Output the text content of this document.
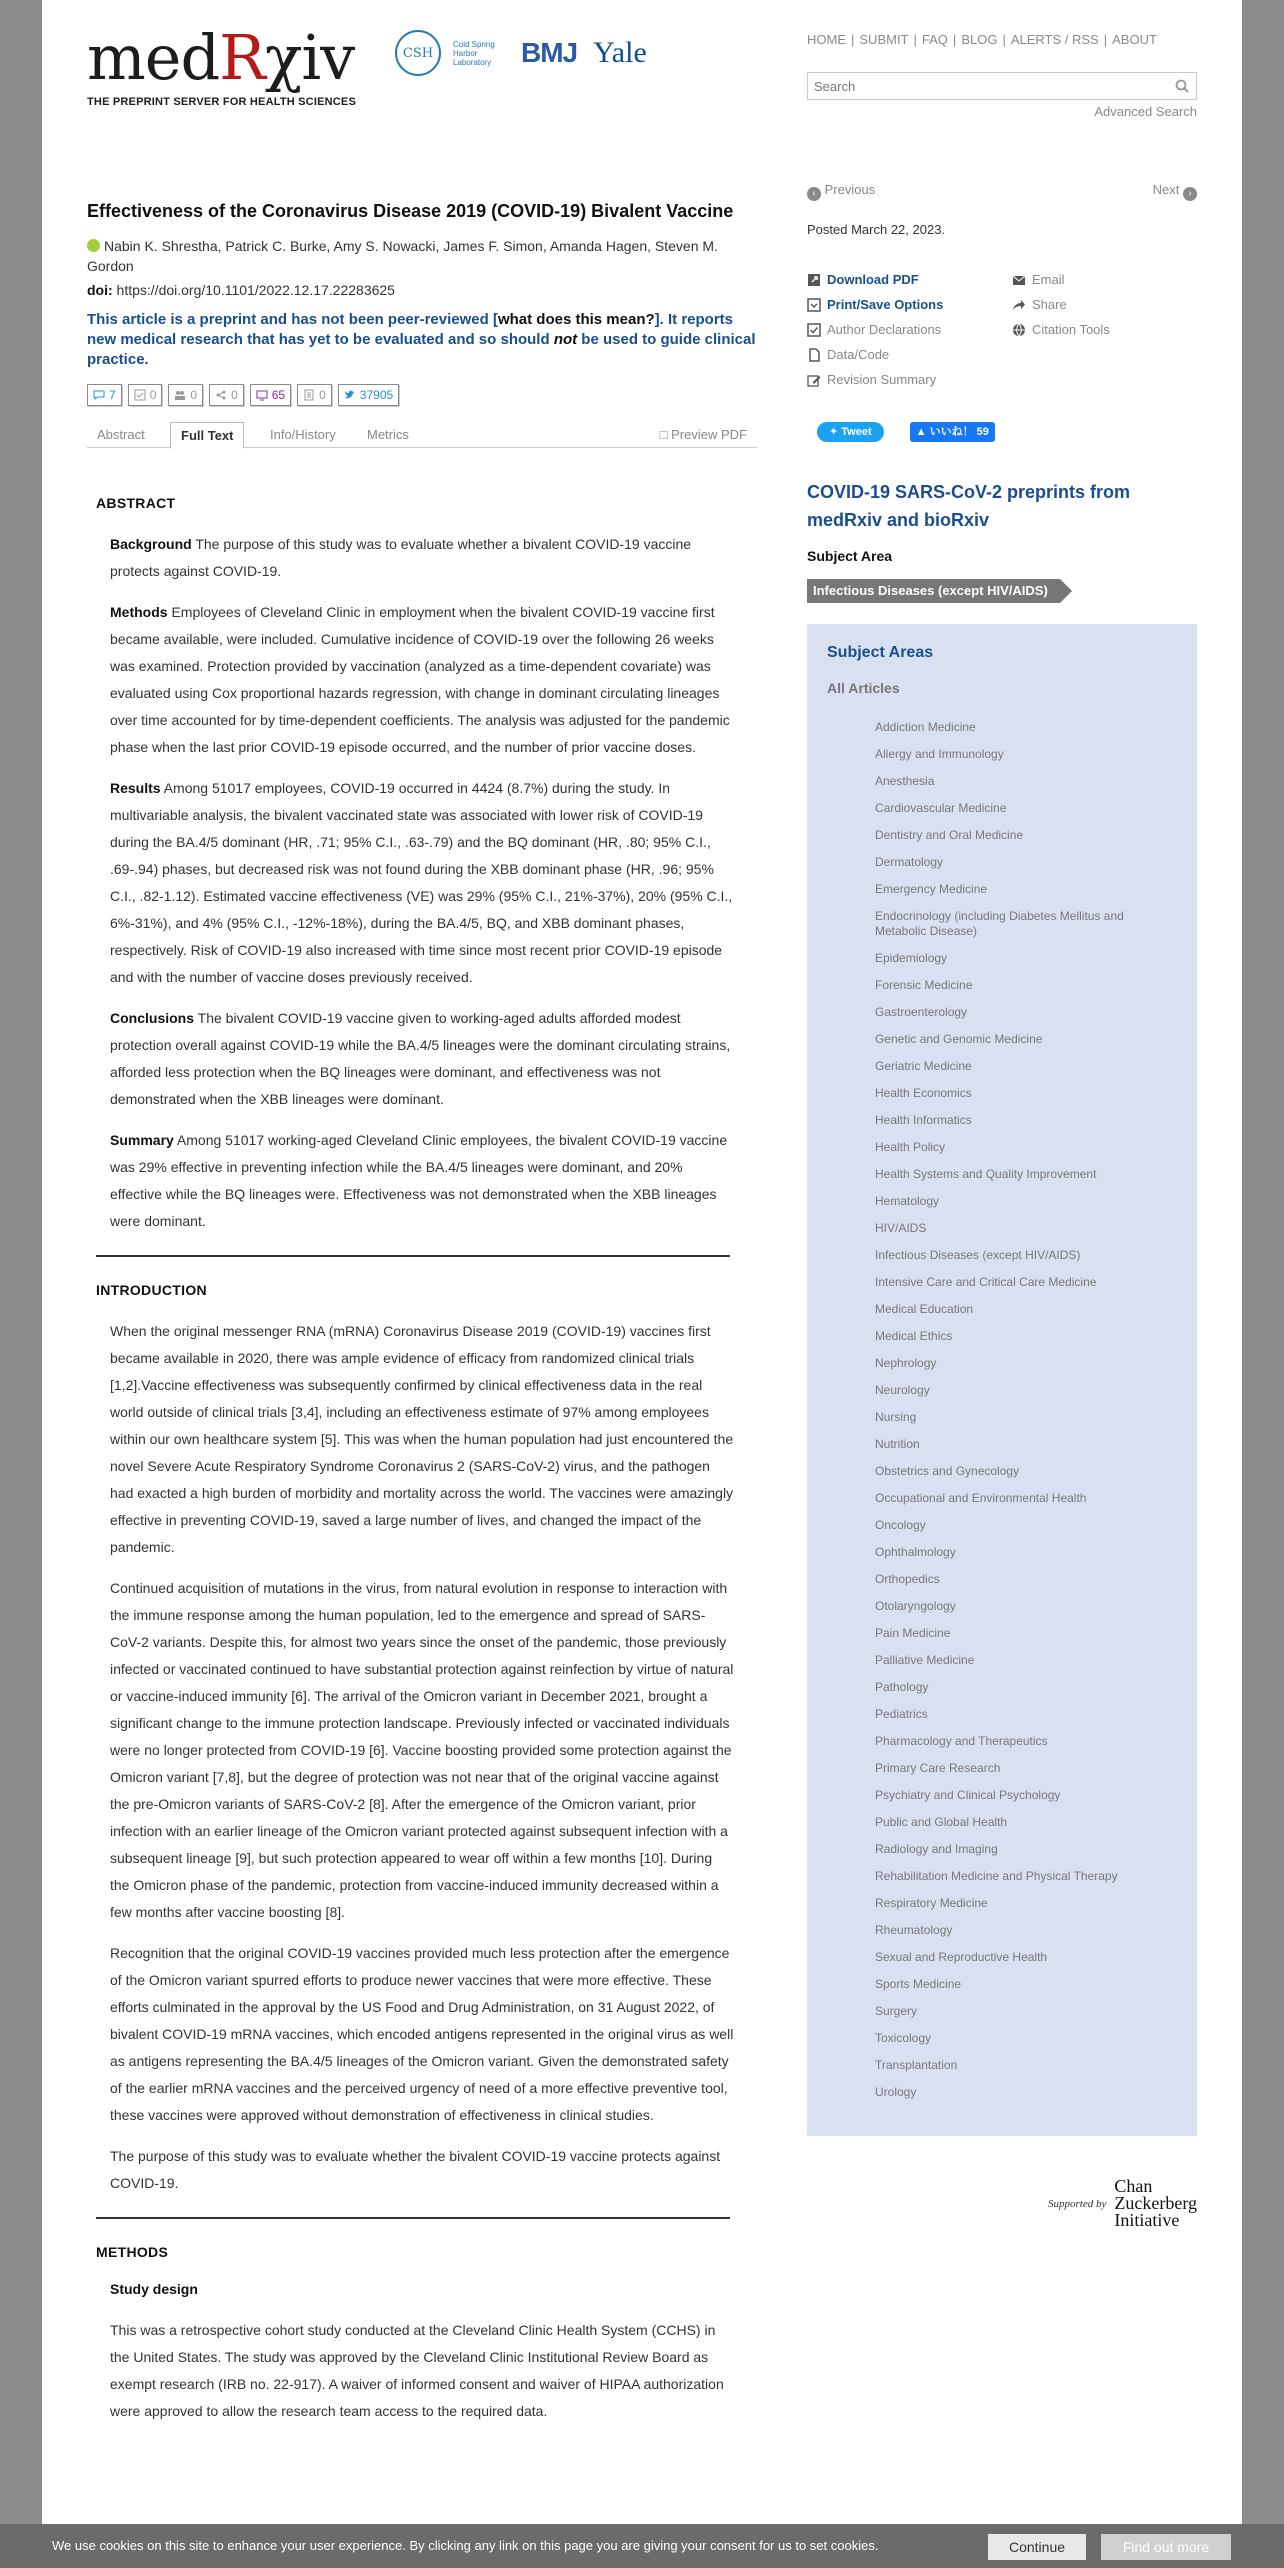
medRχiv
THE PREPRINT SERVER FOR HEALTH SCIENCES
CSH
Cold Spring Harbor Laboratory BMJ Yale
Effectiveness of the Coronavirus Disease 2019 (COVID-19) Bivalent Vaccine
Nabin K. Shrestha, Patrick C. Burke, Amy S. Nowacki, James F. Simon, Amanda Hagen, Steven M. Gordon
doi: https://doi.org/10.1101/2022.12.17.22283625
This article is a preprint and has not been peer-reviewed [what does this mean?]. It reports new medical research that has yet to be evaluated and so should not be used to guide clinical practice.
7	0	0	0	65	0	37905
Abstract	Full Text	Info/History	Metrics	□ Preview PDF
ABSTRACT

Background The purpose of this study was to evaluate whether a bivalent COVID-19 vaccine protects against COVID-19.

Methods Employees of Cleveland Clinic in employment when the bivalent COVID-19 vaccine first became available, were included. Cumulative incidence of COVID-19 over the following 26 weeks was examined. Protection provided by vaccination (analyzed as a time-dependent covariate) was evaluated using Cox proportional hazards regression, with change in dominant circulating lineages over time accounted for by time-dependent coefficients. The analysis was adjusted for the pandemic phase when the last prior COVID-19 episode occurred, and the number of prior vaccine doses.

Results Among 51017 employees, COVID-19 occurred in 4424 (8.7%) during the study. In multivariable analysis, the bivalent vaccinated state was associated with lower risk of COVID-19 during the BA.4/5 dominant (HR, .71; 95% C.I., .63-.79) and the BQ dominant (HR, .80; 95% C.I., .69-.94) phases, but decreased risk was not found during the XBB dominant phase (HR, .96; 95% C.I., .82-1.12). Estimated vaccine effectiveness (VE) was 29% (95% C.I., 21%-37%), 20% (95% C.I., 6%-31%), and 4% (95% C.I., -12%-18%), during the BA.4/5, BQ, and XBB dominant phases, respectively. Risk of COVID-19 also increased with time since most recent prior COVID-19 episode and with the number of vaccine doses previously received.

Conclusions The bivalent COVID-19 vaccine given to working-aged adults afforded modest protection overall against COVID-19 while the BA.4/5 lineages were the dominant circulating strains, afforded less protection when the BQ lineages were dominant, and effectiveness was not demonstrated when the XBB lineages were dominant.

Summary Among 51017 working-aged Cleveland Clinic employees, the bivalent COVID-19 vaccine was 29% effective in preventing infection while the BA.4/5 lineages were dominant, and 20% effective while the BQ lineages were. Effectiveness was not demonstrated when the XBB lineages were dominant.

INTRODUCTION

When the original messenger RNA (mRNA) Coronavirus Disease 2019 (COVID-19) vaccines first became available in 2020, there was ample evidence of efficacy from randomized clinical trials [1,2].Vaccine effectiveness was subsequently confirmed by clinical effectiveness data in the real world outside of clinical trials [3,4], including an effectiveness estimate of 97% among employees within our own healthcare system [5]. This was when the human population had just encountered the novel Severe Acute Respiratory Syndrome Coronavirus 2 (SARS-CoV-2) virus, and the pathogen had exacted a high burden of morbidity and mortality across the world. The vaccines were amazingly effective in preventing COVID-19, saved a large number of lives, and changed the impact of the pandemic.

Continued acquisition of mutations in the virus, from natural evolution in response to interaction with the immune response among the human population, led to the emergence and spread of SARS-CoV-2 variants. Despite this, for almost two years since the onset of the pandemic, those previously infected or vaccinated continued to have substantial protection against reinfection by virtue of natural or vaccine-induced immunity [6]. The arrival of the Omicron variant in December 2021, brought a significant change to the immune protection landscape. Previously infected or vaccinated individuals were no longer protected from COVID-19 [6]. Vaccine boosting provided some protection against the Omicron variant [7,8], but the degree of protection was not near that of the original vaccine against the pre-Omicron variants of SARS-CoV-2 [8]. After the emergence of the Omicron variant, prior infection with an earlier lineage of the Omicron variant protected against subsequent infection with a subsequent lineage [9], but such protection appeared to wear off within a few months [10]. During the Omicron phase of the pandemic, protection from vaccine-induced immunity decreased within a few months after vaccine boosting [8].

Recognition that the original COVID-19 vaccines provided much less protection after the emergence of the Omicron variant spurred efforts to produce newer vaccines that were more effective. These efforts culminated in the approval by the US Food and Drug Administration, on 31 August 2022, of bivalent COVID-19 mRNA vaccines, which encoded antigens represented in the original virus as well as antigens representing the BA.4/5 lineages of the Omicron variant. Given the demonstrated safety of the earlier mRNA vaccines and the perceived urgency of need of a more effective preventive tool, these vaccines were approved without demonstration of effectiveness in clinical studies.

The purpose of this study was to evaluate whether the bivalent COVID-19 vaccine protects against COVID-19.

METHODS
Study design

This was a retrospective cohort study conducted at the Cleveland Clinic Health System (CCHS) in the United States. The study was approved by the Cleveland Clinic Institutional Review Board as exempt research (IRB no. 22-917). A waiver of informed consent and waiver of HIPAA authorization were approved to allow the research team access to the required data.

HOME | SUBMIT | FAQ | BLOG | ALERTS / RSS | ABOUT
Search
Advanced Search
‹ Previous	Next ›
Posted March 22, 2023.
Download PDF
Print/Save Options
Author Declarations
Data/Code
Revision Summary
Email
Share
Citation Tools
✦ Tweet	▲ いいね！ 59
COVID-19 SARS-CoV-2 preprints from medRxiv and bioRxiv
Subject Area
Infectious Diseases (except HIV/AIDS)
Subject Areas
All Articles
Addiction Medicine
Allergy and Immunology
Anesthesia
Cardiovascular Medicine
Dentistry and Oral Medicine
Dermatology
Emergency Medicine
Endocrinology (including Diabetes Mellitus and Metabolic Disease)
Epidemiology
Forensic Medicine
Gastroenterology
Genetic and Genomic Medicine
Geriatric Medicine
Health Economics
Health Informatics
Health Policy
Health Systems and Quality Improvement
Hematology
HIV/AIDS
Infectious Diseases (except HIV/AIDS)
Intensive Care and Critical Care Medicine
Medical Education
Medical Ethics
Nephrology
Neurology
Nursing
Nutrition
Obstetrics and Gynecology
Occupational and Environmental Health
Oncology
Ophthalmology
Orthopedics
Otolaryngology
Pain Medicine
Palliative Medicine
Pathology
Pediatrics
Pharmacology and Therapeutics
Primary Care Research
Psychiatry and Clinical Psychology
Public and Global Health
Radiology and Imaging
Rehabilitation Medicine and Physical Therapy
Respiratory Medicine
Rheumatology
Sexual and Reproductive Health
Sports Medicine
Surgery
Toxicology
Transplantation
Urology
Supported by
Chan
Zuckerberg
Initiative
We use cookies on this site to enhance your user experience. By clicking any link on this page you are giving your consent for us to set cookies.	Continue	Find out more
